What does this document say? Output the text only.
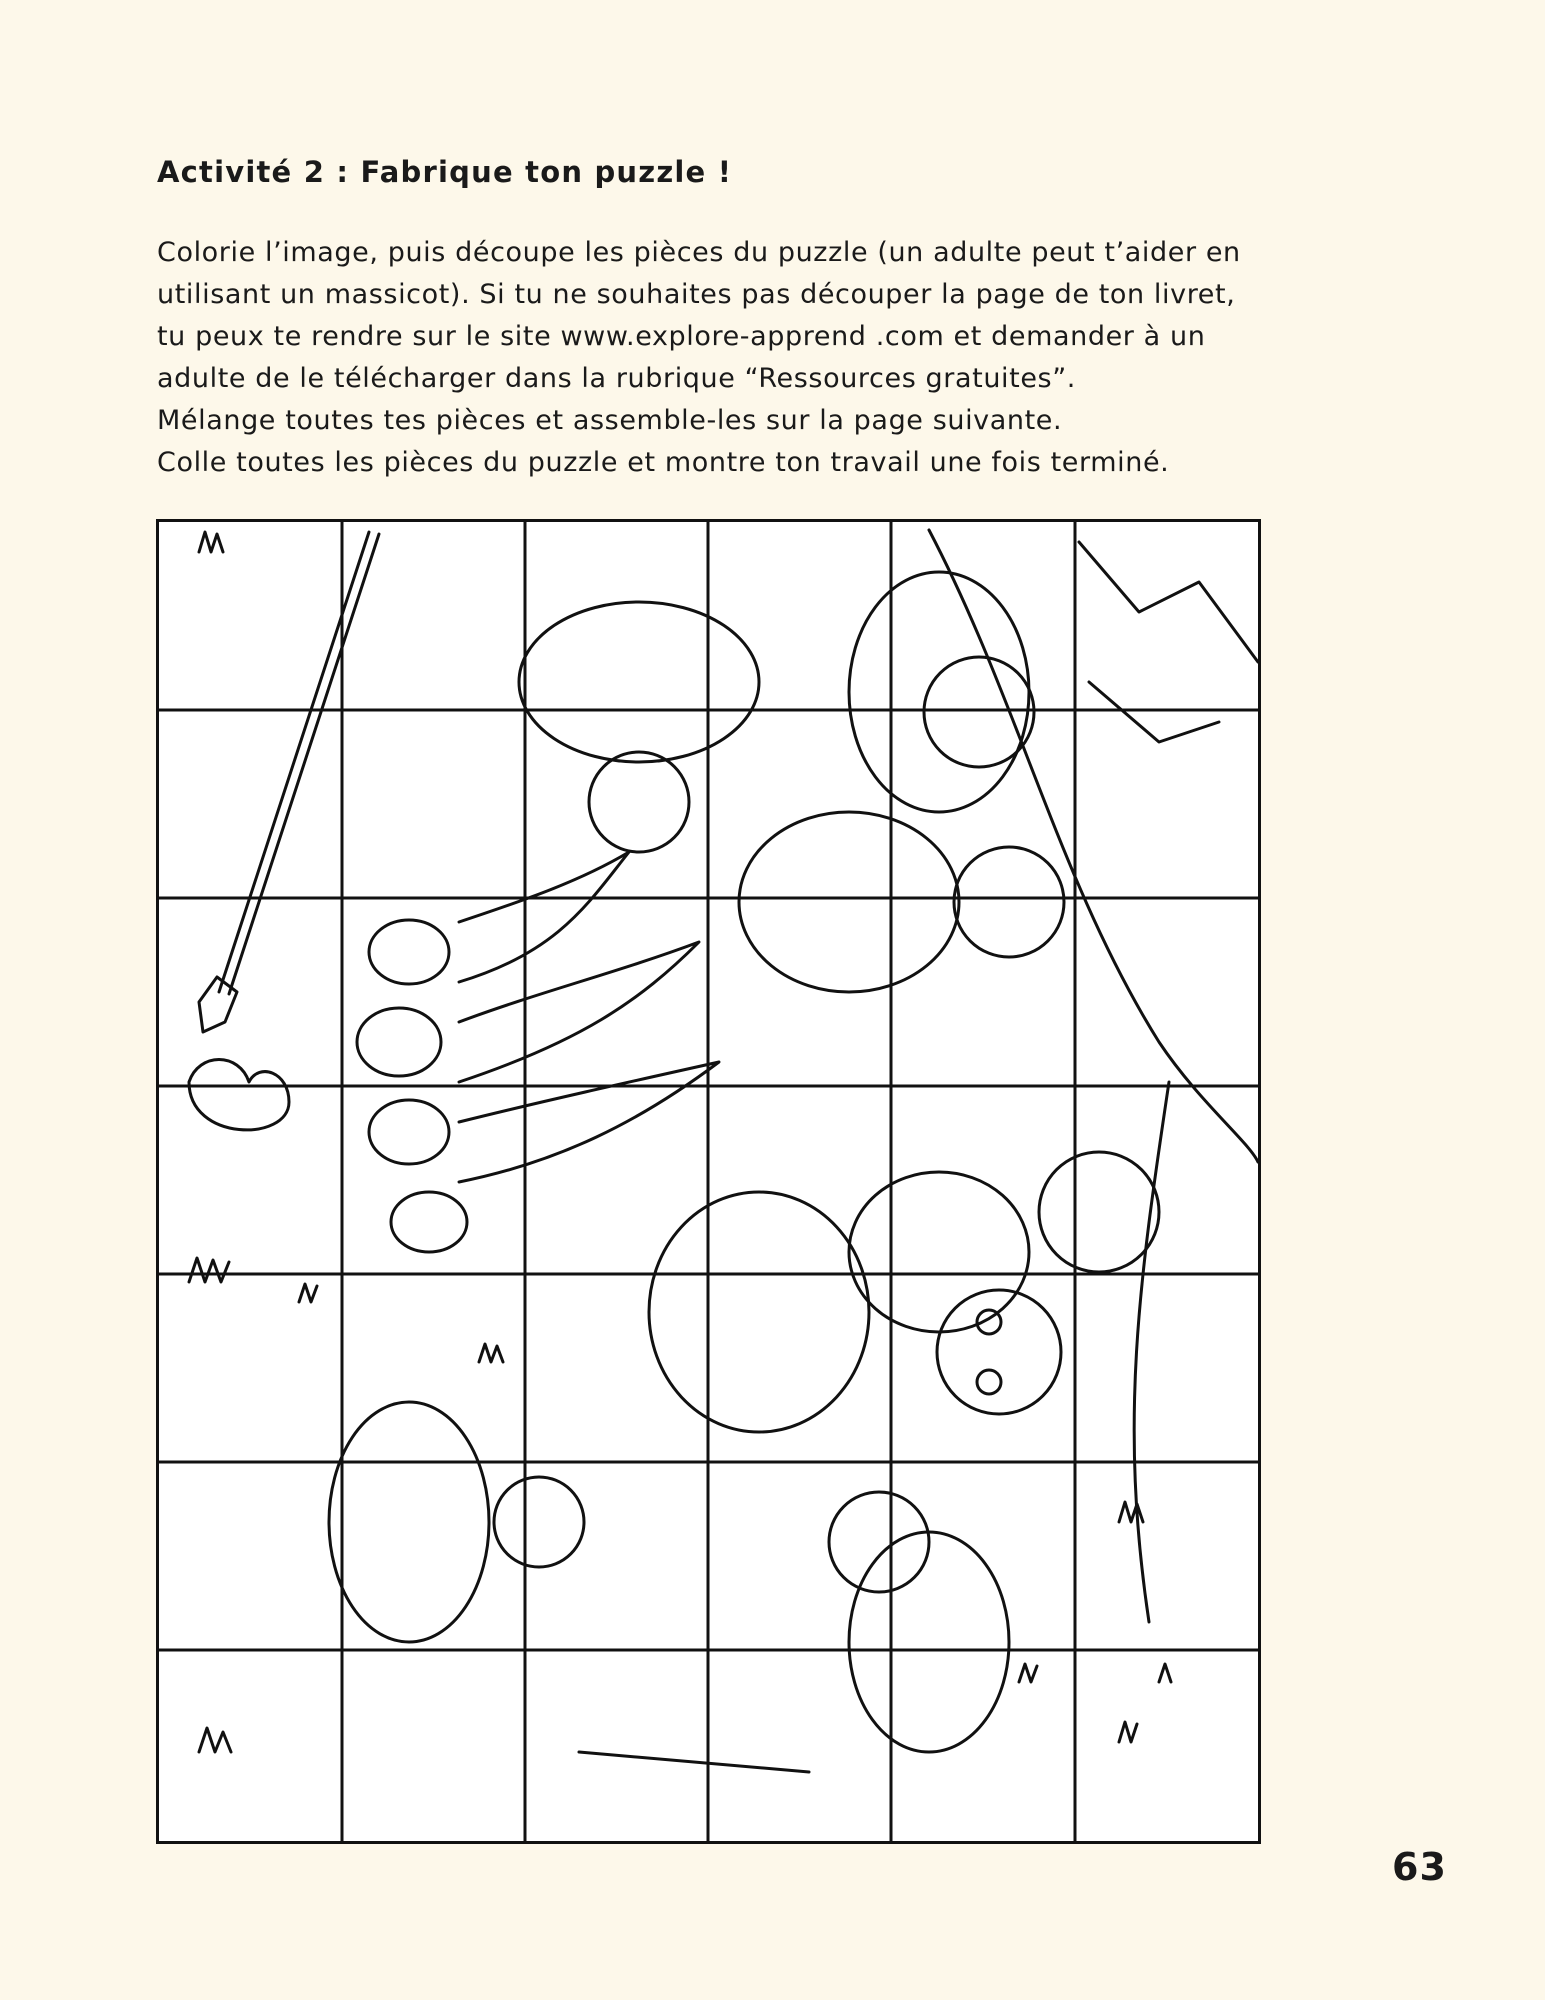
Activité 2 : Fabrique ton puzzle !
Colorie l’image, puis découpe les pièces du puzzle (un adulte peut t’aider en
utilisant un massicot). Si tu ne souhaites pas découper la page de ton livret,
tu peux te rendre sur le site www.explore-apprend .com et demander à un
adulte de le télécharger dans la rubrique “Ressources gratuites”.
Mélange toutes tes pièces et assemble-les sur la page suivante.
Colle toutes les pièces du puzzle et montre ton travail une fois terminé.
63
